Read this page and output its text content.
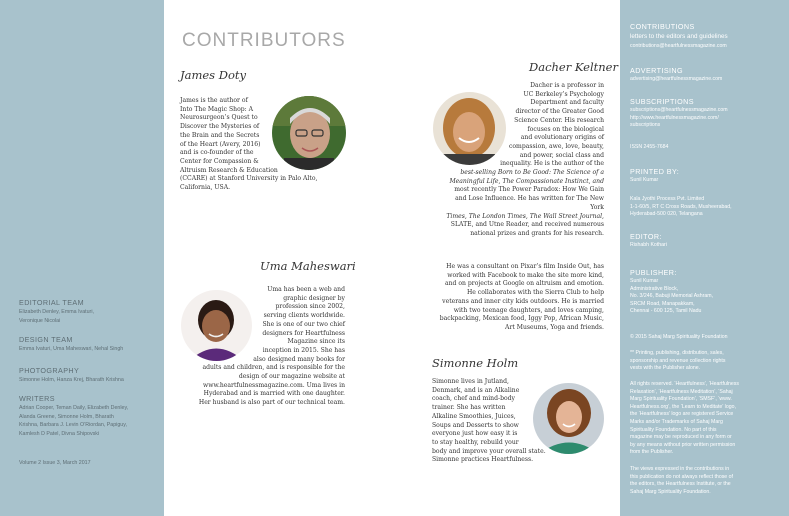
EDITORIAL TEAM
Elizabeth Denley, Emma Ivaturi,
Veronique Nicolai
DESIGN TEAM
Emma Ivaturi, Uma Maheswari, Nehal Singh
PHOTOGRAPHY
Simonne Holm, Hanza Krej, Bharath Krishna
WRITERS
Adrian Cooper, Teman Daily, Elizabeth Denley,
Alanda Greene, Simonne Holm, Bharath
Krishna, Barbara J. Levin O’Riordan, Papiguy,
Kamlesh D Patel, Divna Shipovski
Volume 2 Issue 3, March 2017
CONTRIBUTIONS
letters to the editors and guidelines
contributions@heartfulnessmagazine.com
ADVERTISING
advertising@heartfulnessmagazine.com
SUBSCRIPTIONS
subscriptions@heartfulnessmagazine.com
http://www.heartfulnessmagazine.com/
subscriptions
ISSN 2455-7684
PRINTED BY:
Sunil Kumar
Kala Jyothi Process Pvt. Limited
1-1-60/5, RT C Cross Roads, Musheerabad,
Hyderabad-500 020, Telangana
EDITOR:
Rishabh Kothari
PUBLISHER:
Sunil Kumar
Administrative Block,
No. 3/246, Babuji Memorial Ashram,
SRCM Road, Manapakkam,
Chennai - 600 125, Tamil Nadu
© 2015 Sahaj Marg Spirituality Foundation
** Printing, publishing, distribution, sales,
sponsorship and revenue collection rights
vests with the Publisher alone.
All rights reserved. ‘Heartfulness’, ‘Heartfulness
Relaxation’, ‘Heartfulness Meditation’, ‘Sahaj
Marg Spirituality Foundation’, ‘SMSF’, ‘www.
Heartfulness.org’, the ‘Learn to Meditate’ logo,
the ‘Heartfulness’ logo are registered Service
Marks and/or Trademarks of Sahaj Marg
Spirituality Foundation. No part of this
magazine may be reproduced in any form or
by any means without prior written permission
from the Publisher.
The views expressed in the contributions in
this publication do not always reflect those of
the editors, the Heartfulness Institute, or the
Sahaj Marg Spirituality Foundation.
CONTRIBUTORS
James Doty
James is the author of
Into The Magic Shop: A
Neurosurgeon’s Quest to
Discover the Mysteries of
the Brain and the Secrets
of the Heart (Avery, 2016)
and is co-founder of the
Center for Compassion &
Altruism Research & Education
(CCARE) at Stanford University in Palo Alto,
California, USA.
Dacher Keltner
Dacher is a professor in
UC Berkeley’s Psychology
Department and faculty
director of the Greater Good
Science Center. His research
focuses on the biological
and evolutionary origins of
compassion, awe, love, beauty,
and power, social class and
inequality. He is the author of the
best-selling Born to Be Good: The Science of a
Meaningful Life, The Compassionate Instinct, and
most recently The Power Paradox: How We Gain
and Lose Influence. He has written for The New York
Times, The London Times, The Wall Street Journal,
SLATE, and Utne Reader, and received numerous
national prizes and grants for his research.
He was a consultant on Pixar’s film Inside Out, has
worked with Facebook to make the site more kind,
and on projects at Google on altruism and emotion.
He collaborates with the Sierra Club to help
veterans and inner city kids outdoors. He is married
with two teenage daughters, and loves camping,
backpacking, Mexican food, Iggy Pop, African Music,
Art Museums, Yoga and friends.
Uma Maheswari
Uma has been a web and
graphic designer by
profession since 2002,
serving clients worldwide.
She is one of our two chief
designers for Heartfulness
Magazine since its
inception in 2015. She has
also designed many books for
adults and children, and is responsible for the
design of our magazine website at
www.heartfulnessmagazine.com. Uma lives in
Hyderabad and is married with one daughter.
Her husband is also part of our technical team.
Simonne Holm
Simonne lives in Jutland,
Denmark, and is an Alkaline
coach, chef and mind-body
trainer. She has written
Alkaline Smoothies, Juices,
Soups and Desserts to show
everyone just how easy it is
to stay healthy, rebuild your
body and improve your overall state.
Simonne practices Heartfulness.
